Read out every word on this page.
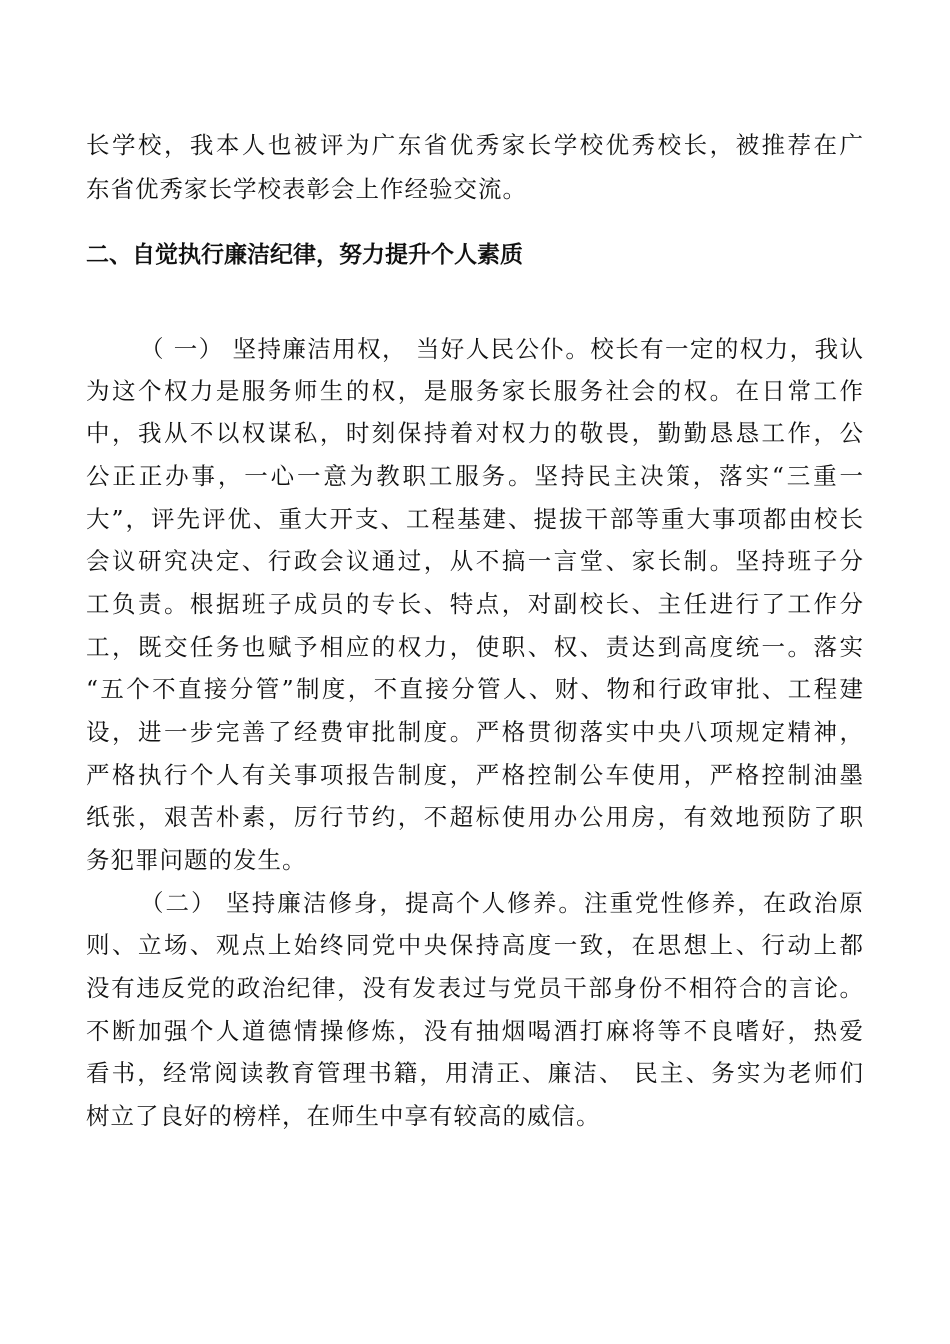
长学校，我本人也被评为广东省优秀家长学校优秀校长，被推荐在广
东省优秀家长学校表彰会上作经验交流。
二、自觉执行廉洁纪律，努力提升个人素质
（ 一） 坚持廉洁用权， 当好人民公仆。校长有一定的权力，我认
为这个权力是服务师生的权，是服务家长服务社会的权。在日常工作
中，我从不以权谋私，时刻保持着对权力的敬畏，勤勤恳恳工作，公
公正正办事，一心一意为教职工服务。坚持民主决策，落实“三重一
大”，评先评优、重大开支、工程基建、提拔干部等重大事项都由校长
会议研究决定、行政会议通过，从不搞一言堂、家长制。坚持班子分
工负责。根据班子成员的专长、特点，对副校长、主任进行了工作分
工，既交任务也赋予相应的权力，使职、权、责达到高度统一。落实
“五个不直接分管”制度，不直接分管人、财、物和行政审批、工程建
设，进一步完善了经费审批制度。严格贯彻落实中央八项规定精神，
严格执行个人有关事项报告制度，严格控制公车使用，严格控制油墨
纸张，艰苦朴素，厉行节约，不超标使用办公用房，有效地预防了职
务犯罪问题的发生。
（二） 坚持廉洁修身，提高个人修养。注重党性修养，在政治原
则、立场、观点上始终同党中央保持高度一致，在思想上、行动上都
没有违反党的政治纪律，没有发表过与党员干部身份不相符合的言论。
不断加强个人道德情操修炼，没有抽烟喝酒打麻将等不良嗜好，热爱
看书，经常阅读教育管理书籍，用清正、廉洁、 民主、务实为老师们
树立了良好的榜样，在师生中享有较高的威信。
